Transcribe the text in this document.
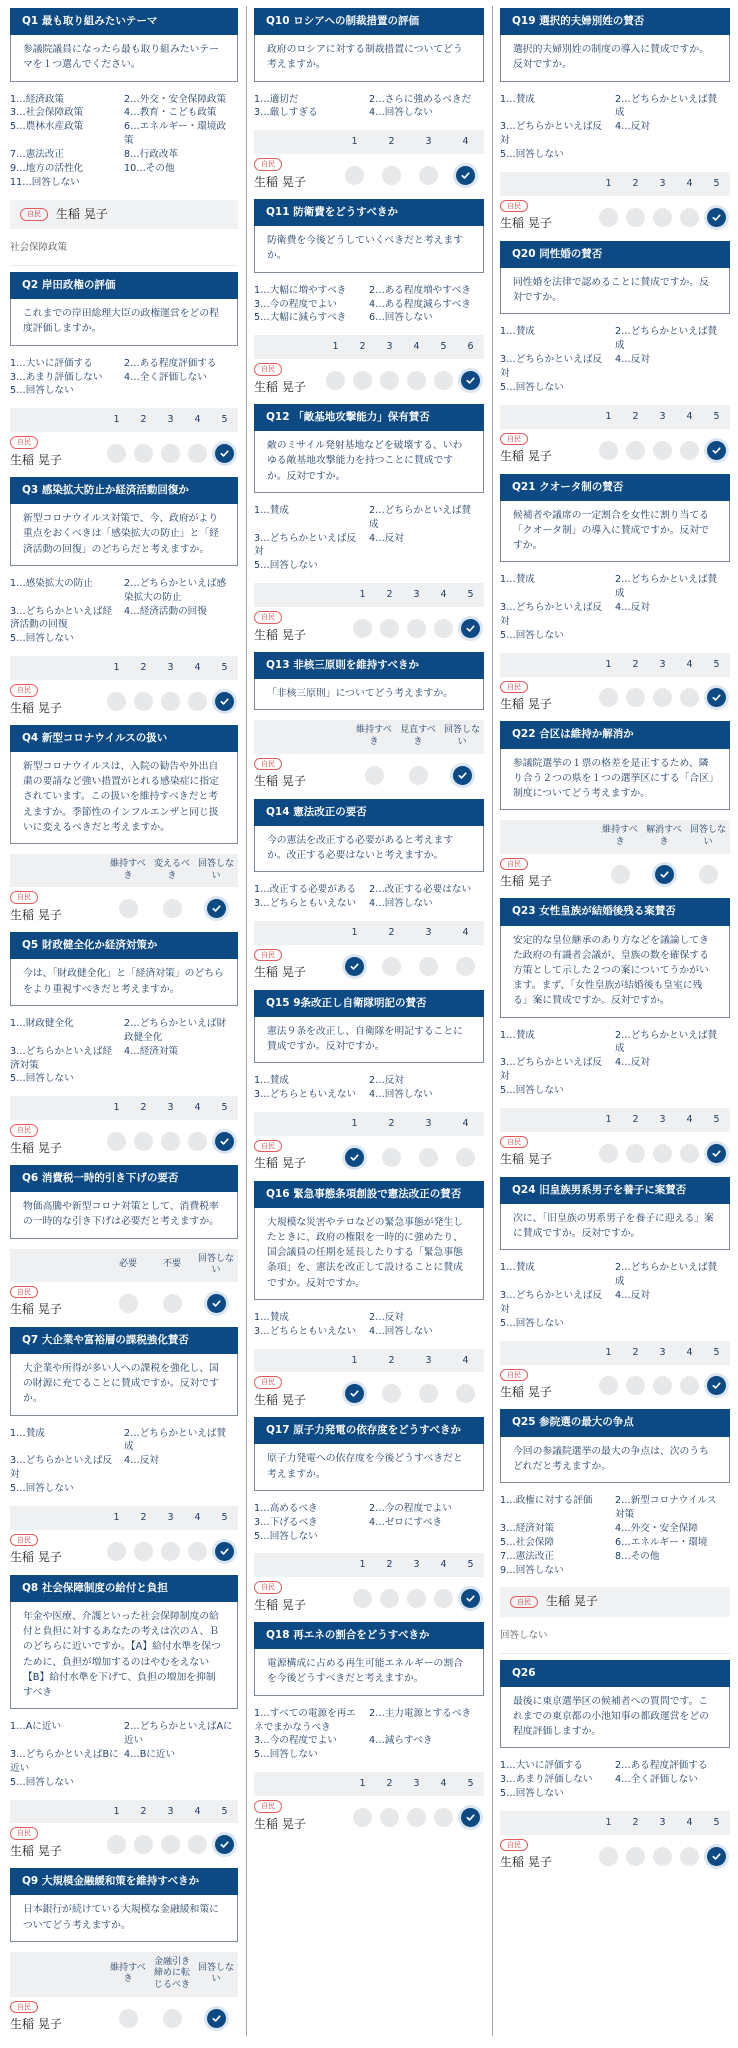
Q1 最も取り組みたいテーマ
参議院議員になったら最も取り組みたいテーマを１つ選んでください。
1…経済政策	2…外交・安全保障政策
3…社会保障政策	4…教育・こども政策
5…農林水産政策	6…エネルギー・環境政策
7…憲法改正	8…行政改革
9…地方の活性化	10…その他
11…回答しない
自民	生稲 晃子
社会保障政策
Q2 岸田政権の評価
これまでの岸田総理大臣の政権運営をどの程度評価しますか。
1…大いに評価する	2…ある程度評価する
3…あまり評価しない	4…全く評価しない
5…回答しない
1	2	3	4	5
自民
生稲 晃子
Q3 感染拡大防止か経済活動回復か
新型コロナウイルス対策で、今、政府がより重点をおくべきは「感染拡大の防止」と「経済活動の回復」のどちらだと考えますか。
1…感染拡大の防止	2…どちらかといえば感染拡大の防止
3…どちらかといえば経済活動の回復
4…経済活動の回復
5…回答しない
1	2	3	4	5
自民
生稲 晃子
Q4 新型コロナウイルスの扱い
新型コロナウイルスは、入院の勧告や外出自粛の要請など強い措置がとれる感染症に指定されています。この扱いを維持すべきだと考えますか。季節性のインフルエンザと同じ扱いに変えるべきだと考えますか。
維持すべき
変えるべき
回答しない
自民
生稲 晃子
Q5 財政健全化か経済対策か
今は、「財政健全化」と「経済対策」のどちらをより重視すべきだと考えますか。
1…財政健全化	2…どちらかといえば財政健全化
3…どちらかといえば経済対策
4…経済対策
5…回答しない
1	2	3	4	5
自民
生稲 晃子
Q6 消費税一時的引き下げの要否
物価高騰や新型コロナ対策として、消費税率の一時的な引き下げは必要だと考えますか。
必要	不要
回答しない
自民
生稲 晃子
Q7 大企業や富裕層の課税強化賛否
大企業や所得が多い人への課税を強化し、国の財源に充てることに賛成ですか。反対ですか。
1…賛成	2…どちらかといえば賛成
3…どちらかといえば反対
4…反対
5…回答しない
1	2	3	4	5
自民
生稲 晃子
Q8 社会保障制度の給付と負担
年金や医療、介護といった社会保障制度の給付と負担に対するあなたの考えは次のＡ、Ｂのどちらに近いですか。【A】給付水準を保つために、負担が増加するのはやむをえない【B】給付水準を下げて、負担の増加を抑制すべき
1…Aに近い	2…どちらかといえばAに近い
3…どちらかといえばBに近い
4…Bに近い
5…回答しない
1	2	3	4	5
自民
生稲 晃子
Q9 大規模金融緩和策を維持すべきか
日本銀行が続けている大規模な金融緩和策についてどう考えますか。
維持すべき
金融引き締めに転じるべき
回答しない
自民
生稲 晃子
Q10 ロシアへの制裁措置の評価
政府のロシアに対する制裁措置についてどう考えますか。
1…適切だ	2…さらに強めるべきだ
3…厳しすぎる	4…回答しない
1	2	3	4
自民
生稲 晃子
Q11 防衛費をどうすべきか
防衛費を今後どうしていくべきだと考えますか。
1…大幅に増やすべき	2…ある程度増やすべき
3…今の程度でよい	4…ある程度減らすべき
5…大幅に減らすべき	6…回答しない
1	2	3	4	5	6
自民
生稲 晃子
Q12 「敵基地攻撃能力」保有賛否
敵のミサイル発射基地などを破壊する、いわゆる敵基地攻撃能力を持つことに賛成ですか。反対ですか。
1…賛成	2…どちらかといえば賛成
3…どちらかといえば反対
4…反対
5…回答しない
1	2	3	4	5
自民
生稲 晃子
Q13 非核三原則を維持すべきか
「非核三原則」についてどう考えますか。
維持すべき
見直すべき
回答しない
自民
生稲 晃子
Q14 憲法改正の要否
今の憲法を改正する必要があると考えますか。改正する必要はないと考えますか。
1…改正する必要がある	2…改正する必要はない
3…どちらともいえない	4…回答しない
1	2	3	4
自民
生稲 晃子
Q15 9条改正し自衛隊明記の賛否
憲法９条を改正し、自衛隊を明記することに賛成ですか。反対ですか。
1…賛成	2…反対
3…どちらともいえない	4…回答しない
1	2	3	4
自民
生稲 晃子
Q16 緊急事態条項創設で憲法改正の賛否
大規模な災害やテロなどの緊急事態が発生したときに、政府の権限を一時的に強めたり、国会議員の任期を延長したりする「緊急事態条項」を、憲法を改正して設けることに賛成ですか。反対ですか。
1…賛成	2…反対
3…どちらともいえない	4…回答しない
1	2	3	4
自民
生稲 晃子
Q17 原子力発電の依存度をどうすべきか
原子力発電への依存度を今後どうすべきだと考えますか。
1…高めるべき	2…今の程度でよい
3…下げるべき	4…ゼロにすべき
5…回答しない
1	2	3	4	5
自民
生稲 晃子
Q18 再エネの割合をどうすべきか
電源構成に占める再生可能エネルギーの割合を今後どうすべきだと考えますか。
1…すべての電源を再エネでまかなうべき
2…主力電源とするべき
3…今の程度でよい	4…減らすべき
5…回答しない
1	2	3	4	5
自民
生稲 晃子
Q19 選択的夫婦別姓の賛否
選択的夫婦別姓の制度の導入に賛成ですか。反対ですか。
1…賛成	2…どちらかといえば賛成
3…どちらかといえば反対
4…反対
5…回答しない
1	2	3	4	5
自民
生稲 晃子
Q20 同性婚の賛否
同性婚を法律で認めることに賛成ですか。反対ですか。
1…賛成	2…どちらかといえば賛成
3…どちらかといえば反対
4…反対
5…回答しない
1	2	3	4	5
自民
生稲 晃子
Q21 クオータ制の賛否
候補者や議席の一定割合を女性に割り当てる「クオータ制」の導入に賛成ですか。反対ですか。
1…賛成	2…どちらかといえば賛成
3…どちらかといえば反対
4…反対
5…回答しない
1	2	3	4	5
自民
生稲 晃子
Q22 合区は維持か解消か
参議院選挙の１票の格差を是正するため、隣り合う２つの県を１つの選挙区にする「合区」制度についてどう考えますか。
維持すべき
解消すべき
回答しない
自民
生稲 晃子
Q23 女性皇族が結婚後残る案賛否
安定的な皇位継承のあり方などを議論してきた政府の有識者会議が、皇族の数を確保する方策として示した２つの案についてうかがいます。まず、「女性皇族が結婚後も皇室に残る」案に賛成ですか。反対ですか。
1…賛成	2…どちらかといえば賛成
3…どちらかといえば反対
4…反対
5…回答しない
1	2	3	4	5
自民
生稲 晃子
Q24 旧皇族男系男子を養子に案賛否
次に、「旧皇族の男系男子を養子に迎える」案に賛成ですか。反対ですか。
1…賛成	2…どちらかといえば賛成
3…どちらかといえば反対
4…反対
5…回答しない
1	2	3	4	5
自民
生稲 晃子
Q25 参院選の最大の争点
今回の参議院選挙の最大の争点は、次のうちどれだと考えますか。
1…政権に対する評価	2…新型コロナウイルス対策
3…経済対策	4…外交・安全保障
5…社会保障	6…エネルギー・環境
7…憲法改正	8…その他
9…回答しない
自民	生稲 晃子
回答しない
Q26
最後に東京選挙区の候補者への質問です。これまでの東京都の小池知事の都政運営をどの程度評価しますか。
1…大いに評価する	2…ある程度評価する
3…あまり評価しない	4…全く評価しない
5…回答しない
1	2	3	4	5
自民
生稲 晃子
